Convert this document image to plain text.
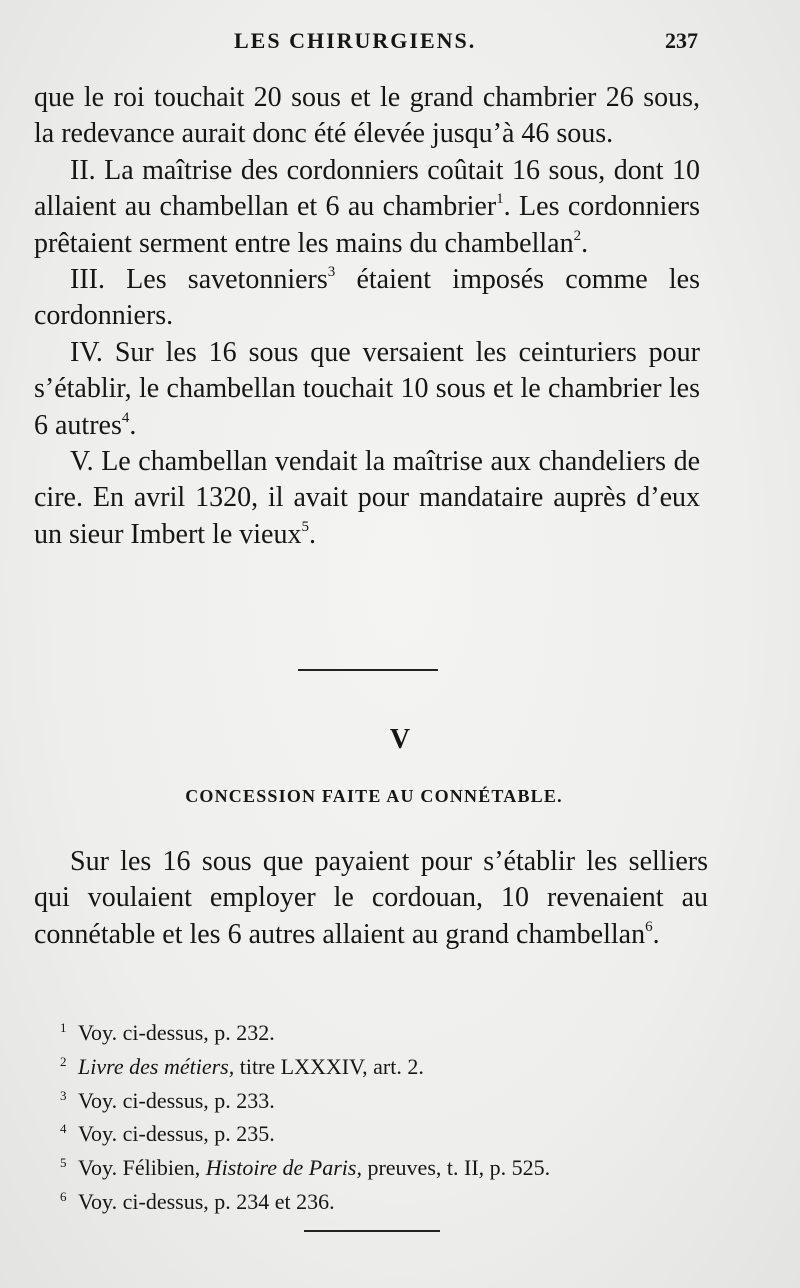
LES CHIRURGIENS.	237

que le roi touchait 20 sous et le grand chambrier 26 sous, la redevance aurait donc été élevée jusqu’à 46 sous.

II. La maîtrise des cordonniers coûtait 16 sous, dont 10 allaient au chambellan et 6 au chambrier$^1$. Les cordonniers prêtaient serment entre les mains du chambellan$^2$.

III. Les savetonniers$^3$ étaient imposés comme les cordonniers.

IV. Sur les 16 sous que versaient les ceinturiers pour s’établir, le chambellan touchait 10 sous et le chambrier les 6 autres$^4$.

V. Le chambellan vendait la maîtrise aux chandeliers de cire. En avril 1320, il avait pour mandataire auprès d’eux un sieur Imbert le vieux$^5$.

V
CONCESSION FAITE AU CONNÉTABLE.

Sur les 16 sous que payaient pour s’établir les selliers qui voulaient employer le cordouan, 10 revenaient au connétable et les 6 autres allaient au grand chambellan$^6$.

$^1$ Voy. ci-dessus, p. 232.
$^2$ Livre des métiers, titre LXXXIV, art. 2.
$^3$ Voy. ci-dessus, p. 233.
$^4$ Voy. ci-dessus, p. 235.
$^5$ Voy. Félibien, Histoire de Paris, preuves, t. II, p. 525.
$^6$ Voy. ci-dessus, p. 234 et 236.
